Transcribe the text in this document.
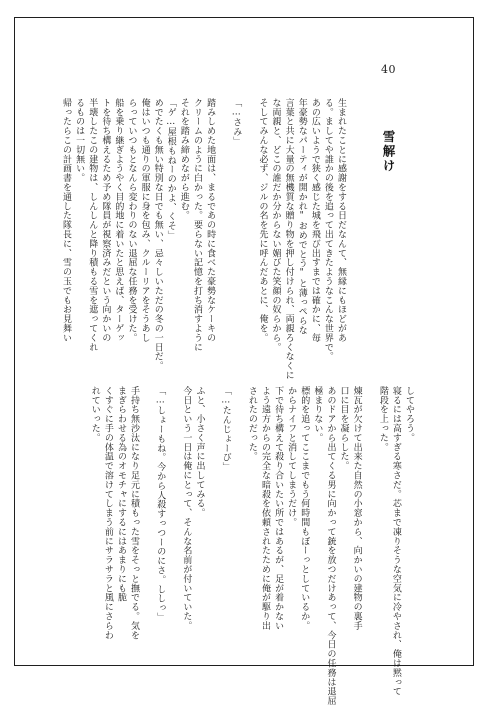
40
雪解け

生まれたことに感謝をする日だなんて、無縁にもほどがあ

る。ましてや誰かの後を追って出てきたようなこんな世界で。

あの広いようで狭く感じた城を飛び出すまでは確かに、毎

年豪勢なパーティが開かれ"おめでとう"と薄っぺらな

言葉と共に大量の無機質な贈り物を押し付けられ、両親ろくなくに

な両親と、どこの誰だか分からない媚びた笑顔の奴らから。

そしてみんな必ず、ジルの名を先に呼んだあとに、俺を。

「…さみ」

踏みしめた地面は、まるであの時に食べた豪勢なケーキの

クリームのように白かった。要らない記憶を打ち消すように

それを踏み締めながら進む。

「ゲ…屋根もねーのかよ、くそ」

めでたくも無い特別な日でも無い、忌々しいただの冬の一日だ。

俺はいつも通りの軍服に身を包み、クルーリアをそうあし

らっていつもとなんら変わりのない退屈な任務を受けた。

船を乗り継ぎようやく目的地に着いたと思えば、ターゲッ

トを待ち構えるため予め隊員が視察済みだという向かいの

半壊したこの建物は、しんしんと降り積もる雪を遮ってくれ

るものは一切無い。

帰ったらこの計画書を通した隊長に、雪の玉でもお見舞い

してやろう。

寝るには高すぎる寒さだ。芯まで凍りそうな空気に冷やされ、俺は黙って

階段を上った。

煉瓦が欠けて出来た自然の小窓から、向かいの建物の裏手

口に目を凝らした。

あのドアから出てくる男に向かって銃を放つだけあって、今日の任務は退屈

極まりない。

標的を追ってここまでもう何時間もぼーっとしているか。

からナイフと消してしまうだけ。

下で待ち構えて殺り合いたい所ではあるが、足が着かない

よう遠方からの完全な暗殺を依頼されたために俺が駆り出

されたのだった。

「…たんじょーび」

ふと、小さく声に出してみる。

今日という一日は俺にとって、そんな名前が付いていた。

「…しょーもね。今から人殺すっつーのにさ。ししっ」

手持ち無沙汰になり足元に積もった雪をそっと撫でる。気を

まぎらわせる為のオモチャにするにはあまりにも脆

くすぐに手の体温で溶けてしまう前にサラサラと風にさらわ

れていった。
